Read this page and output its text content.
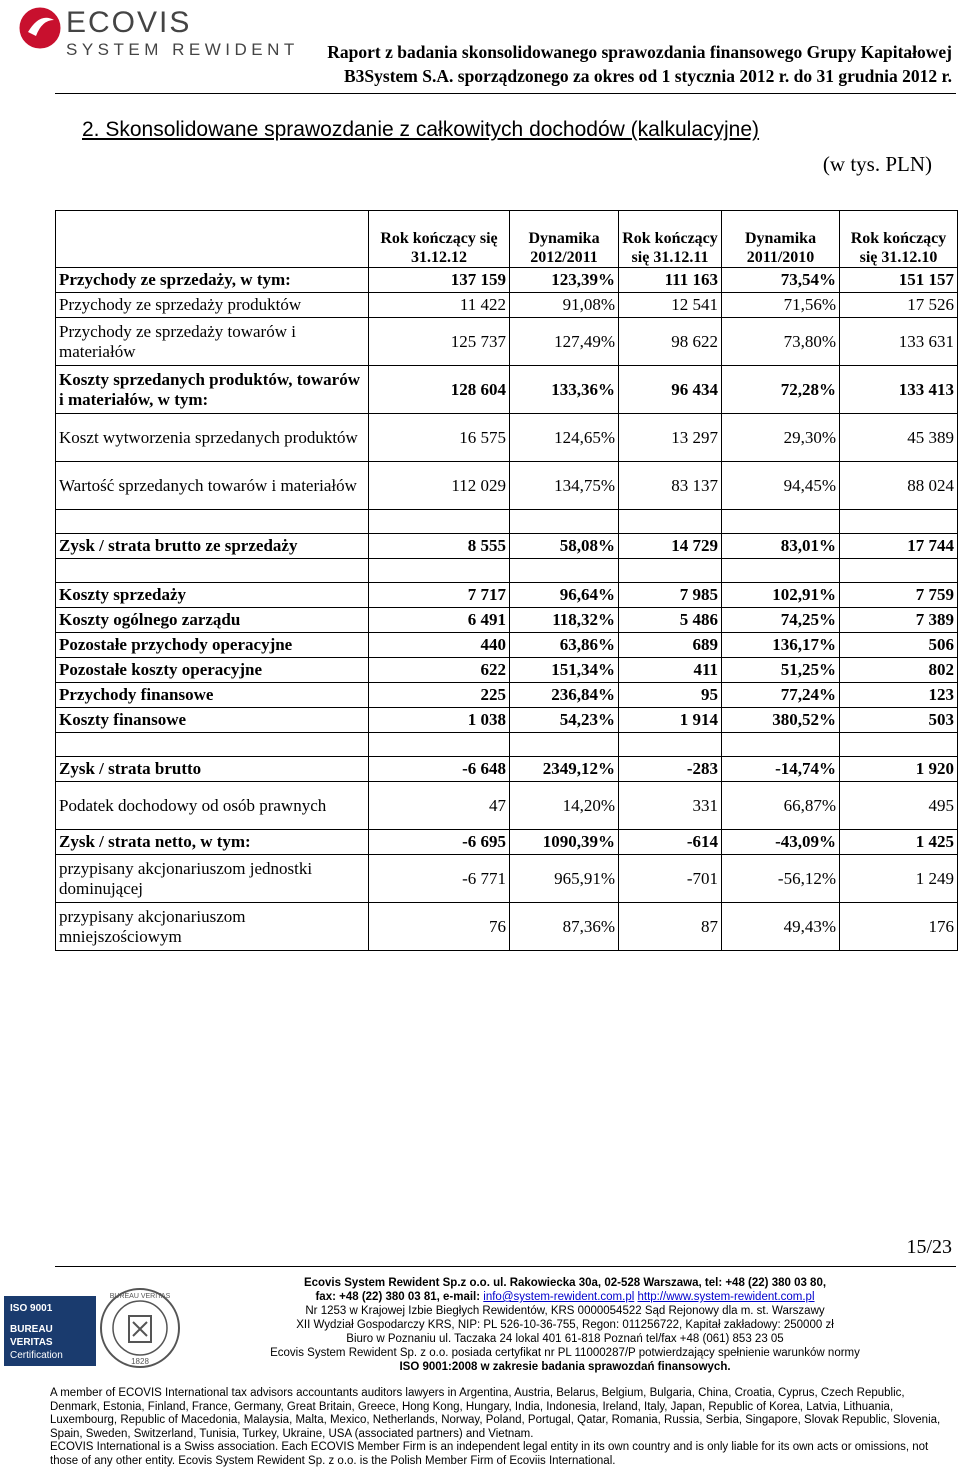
ECOVIS
SYSTEM REWIDENT Raport z badania skonsolidowanego sprawozdania finansowego Grupy Kapitałowej
B3System S.A. sporządzonego za okres od 1 stycznia 2012 r. do 31 grudnia 2012 r.
2. Skonsolidowane sprawozdanie z całkowitych dochodów (kalkulacyjne)
(w tys. PLN)
	Rok kończący się 31.12.12	Dynamika 2012/2011	Rok kończący się 31.12.11	Dynamika 2011/2010	Rok kończący się 31.12.10
Przychody ze sprzedaży, w tym:	137 159	123,39%	111 163	73,54%	151 157
Przychody ze sprzedaży produktów	11 422	91,08%	12 541	71,56%	17 526
Przychody ze sprzedaży towarów i materiałów	125 737	127,49%	98 622	73,80%	133 631
Koszty sprzedanych produktów, towarów i materiałów, w tym:	128 604	133,36%	96 434	72,28%	133 413
Koszt wytworzenia sprzedanych produktów	16 575	124,65%	13 297	29,30%	45 389
Wartość sprzedanych towarów i materiałów	112 029	134,75%	83 137	94,45%	88 024

Zysk / strata brutto ze sprzedaży	8 555	58,08%	14 729	83,01%	17 744

Koszty sprzedaży	7 717	96,64%	7 985	102,91%	7 759
Koszty ogólnego zarządu	6 491	118,32%	5 486	74,25%	7 389
Pozostałe przychody operacyjne	440	63,86%	689	136,17%	506
Pozostałe koszty operacyjne	622	151,34%	411	51,25%	802
Przychody finansowe	225	236,84%	95	77,24%	123
Koszty finansowe	1 038	54,23%	1 914	380,52%	503

Zysk / strata brutto	-6 648	2349,12%	-283	-14,74%	1 920
Podatek dochodowy od osób prawnych	47	14,20%	331	66,87%	495
Zysk / strata netto, w tym:	-6 695	1090,39%	-614	-43,09%	1 425
przypisany akcjonariuszom jednostki dominującej	-6 771	965,91%	-701	-56,12%	1 249
przypisany akcjonariuszom mniejszościowym	76	87,36%	87	49,43%	176
15/23
ISO 9001
BUREAU VERITAS
Certification
BUREAU VERITAS
1828
Ecovis System Rewident Sp.z o.o. ul. Rakowiecka 30a, 02-528 Warszawa, tel: +48 (22) 380 03 80,
fax: +48 (22) 380 03 81, e-mail: info@system-rewident.com.pl http://www.system-rewident.com.pl
Nr 1253 w Krajowej Izbie Biegłych Rewidentów, KRS 0000054522 Sąd Rejonowy dla m. st. Warszawy
XII Wydział Gospodarczy KRS, NIP: PL 526-10-36-755, Regon: 011256722, Kapitał zakładowy: 250000 zł
Biuro w Poznaniu ul. Taczaka 24 lokal 401 61-818 Poznań tel/fax +48 (061) 853 23 05
Ecovis System Rewident Sp. z o.o. posiada certyfikat nr PL 11000287/P potwierdzający spełnienie warunków normy
ISO 9001:2008 w zakresie badania sprawozdań finansowych.
A member of ECOVIS International tax advisors accountants auditors lawyers in Argentina, Austria, Belarus, Belgium, Bulgaria, China, Croatia, Cyprus, Czech Republic, Denmark, Estonia, Finland, France, Germany, Great Britain, Greece, Hong Kong, Hungary, India, Indonesia, Ireland, Italy, Japan, Republic of Korea, Latvia, Lithuania, Luxembourg, Republic of Macedonia, Malaysia, Malta, Mexico, Netherlands, Norway, Poland, Portugal, Qatar, Romania, Russia, Serbia, Singapore, Slovak Republic, Slovenia, Spain, Sweden, Switzerland, Tunisia, Turkey, Ukraine, USA (associated partners) and Vietnam.
ECOVIS International is a Swiss association. Each ECOVIS Member Firm is an independent legal entity in its own country and is only liable for its own acts or omissions, not those of any other entity. Ecovis System Rewident Sp. z o.o. is the Polish Member Firm of Ecoviis International.
